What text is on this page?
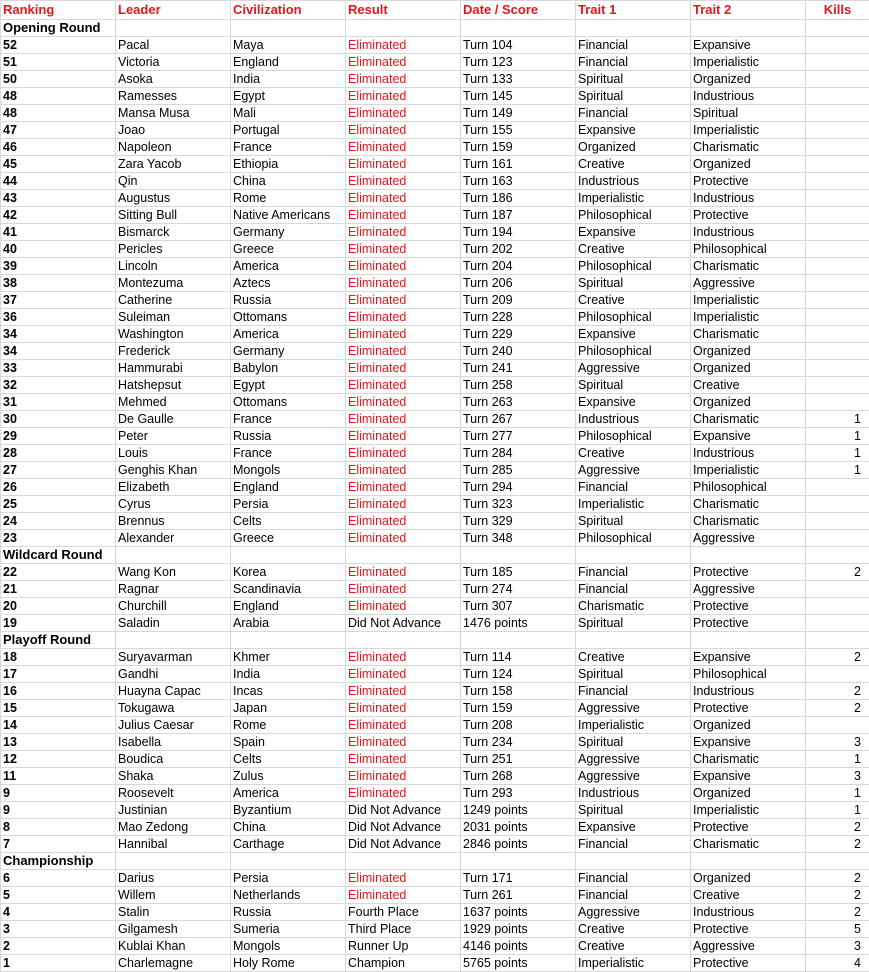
Ranking	Leader	Civilization	Result	Date / Score	Trait 1	Trait 2	Kills
Opening Round							
52	Pacal	Maya	Eliminated	Turn 104	Financial	Expansive	
51	Victoria	England	Eliminated	Turn 123	Financial	Imperialistic	
50	Asoka	India	Eliminated	Turn 133	Spiritual	Organized	
48	Ramesses	Egypt	Eliminated	Turn 145	Spiritual	Industrious	
48	Mansa Musa	Mali	Eliminated	Turn 149	Financial	Spiritual	
47	Joao	Portugal	Eliminated	Turn 155	Expansive	Imperialistic	
46	Napoleon	France	Eliminated	Turn 159	Organized	Charismatic	
45	Zara Yacob	Ethiopia	Eliminated	Turn 161	Creative	Organized	
44	Qin	China	Eliminated	Turn 163	Industrious	Protective	
43	Augustus	Rome	Eliminated	Turn 186	Imperialistic	Industrious	
42	Sitting Bull	Native Americans	Eliminated	Turn 187	Philosophical	Protective	
41	Bismarck	Germany	Eliminated	Turn 194	Expansive	Industrious	
40	Pericles	Greece	Eliminated	Turn 202	Creative	Philosophical	
39	Lincoln	America	Eliminated	Turn 204	Philosophical	Charismatic	
38	Montezuma	Aztecs	Eliminated	Turn 206	Spiritual	Aggressive	
37	Catherine	Russia	Eliminated	Turn 209	Creative	Imperialistic	
36	Suleiman	Ottomans	Eliminated	Turn 228	Philosophical	Imperialistic	
34	Washington	America	Eliminated	Turn 229	Expansive	Charismatic	
34	Frederick	Germany	Eliminated	Turn 240	Philosophical	Organized	
33	Hammurabi	Babylon	Eliminated	Turn 241	Aggressive	Organized	
32	Hatshepsut	Egypt	Eliminated	Turn 258	Spiritual	Creative	
31	Mehmed	Ottomans	Eliminated	Turn 263	Expansive	Organized	
30	De Gaulle	France	Eliminated	Turn 267	Industrious	Charismatic	1
29	Peter	Russia	Eliminated	Turn 277	Philosophical	Expansive	1
28	Louis	France	Eliminated	Turn 284	Creative	Industrious	1
27	Genghis Khan	Mongols	Eliminated	Turn 285	Aggressive	Imperialistic	1
26	Elizabeth	England	Eliminated	Turn 294	Financial	Philosophical	
25	Cyrus	Persia	Eliminated	Turn 323	Imperialistic	Charismatic	
24	Brennus	Celts	Eliminated	Turn 329	Spiritual	Charismatic	
23	Alexander	Greece	Eliminated	Turn 348	Philosophical	Aggressive	
Wildcard Round							
22	Wang Kon	Korea	Eliminated	Turn 185	Financial	Protective	2
21	Ragnar	Scandinavia	Eliminated	Turn 274	Financial	Aggressive	
20	Churchill	England	Eliminated	Turn 307	Charismatic	Protective	
19	Saladin	Arabia	Did Not Advance	1476 points	Spiritual	Protective	
Playoff Round							
18	Suryavarman	Khmer	Eliminated	Turn 114	Creative	Expansive	2
17	Gandhi	India	Eliminated	Turn 124	Spiritual	Philosophical	
16	Huayna Capac	Incas	Eliminated	Turn 158	Financial	Industrious	2
15	Tokugawa	Japan	Eliminated	Turn 159	Aggressive	Protective	2
14	Julius Caesar	Rome	Eliminated	Turn 208	Imperialistic	Organized	
13	Isabella	Spain	Eliminated	Turn 234	Spiritual	Expansive	3
12	Boudica	Celts	Eliminated	Turn 251	Aggressive	Charismatic	1
11	Shaka	Zulus	Eliminated	Turn 268	Aggressive	Expansive	3
9	Roosevelt	America	Eliminated	Turn 293	Industrious	Organized	1
9	Justinian	Byzantium	Did Not Advance	1249 points	Spiritual	Imperialistic	1
8	Mao Zedong	China	Did Not Advance	2031 points	Expansive	Protective	2
7	Hannibal	Carthage	Did Not Advance	2846 points	Financial	Charismatic	2
Championship							
6	Darius	Persia	Eliminated	Turn 171	Financial	Organized	2
5	Willem	Netherlands	Eliminated	Turn 261	Financial	Creative	2
4	Stalin	Russia	Fourth Place	1637 points	Aggressive	Industrious	2
3	Gilgamesh	Sumeria	Third Place	1929 points	Creative	Protective	5
2	Kublai Khan	Mongols	Runner Up	4146 points	Creative	Aggressive	3
1	Charlemagne	Holy Rome	Champion	5765 points	Imperialistic	Protective	4
